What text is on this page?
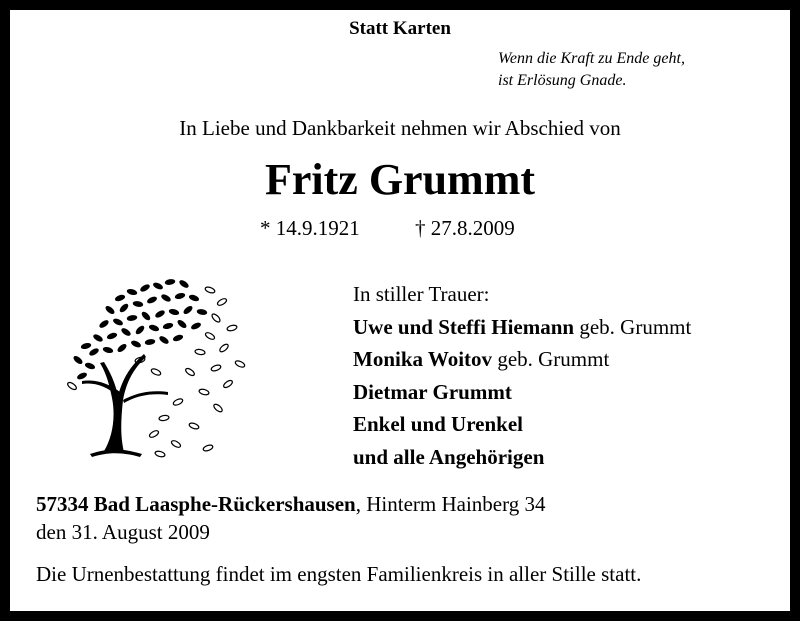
Statt Karten
Wenn die Kraft zu Ende geht,
ist Erlösung Gnade.
In Liebe und Dankbarkeit nehmen wir Abschied von
Fritz Grummt
* 14.9.1921	† 27.8.2009
In stiller Trauer:
Uwe und Steffi Hiemann geb. Grummt
Monika Woitov geb. Grummt
Dietmar Grummt
Enkel und Urenkel
und alle Angehörigen
57334 Bad Laasphe-Rückershausen, Hinterm Hainberg 34
den 31. August 2009
Die Urnenbestattung findet im engsten Familienkreis in aller Stille statt.
